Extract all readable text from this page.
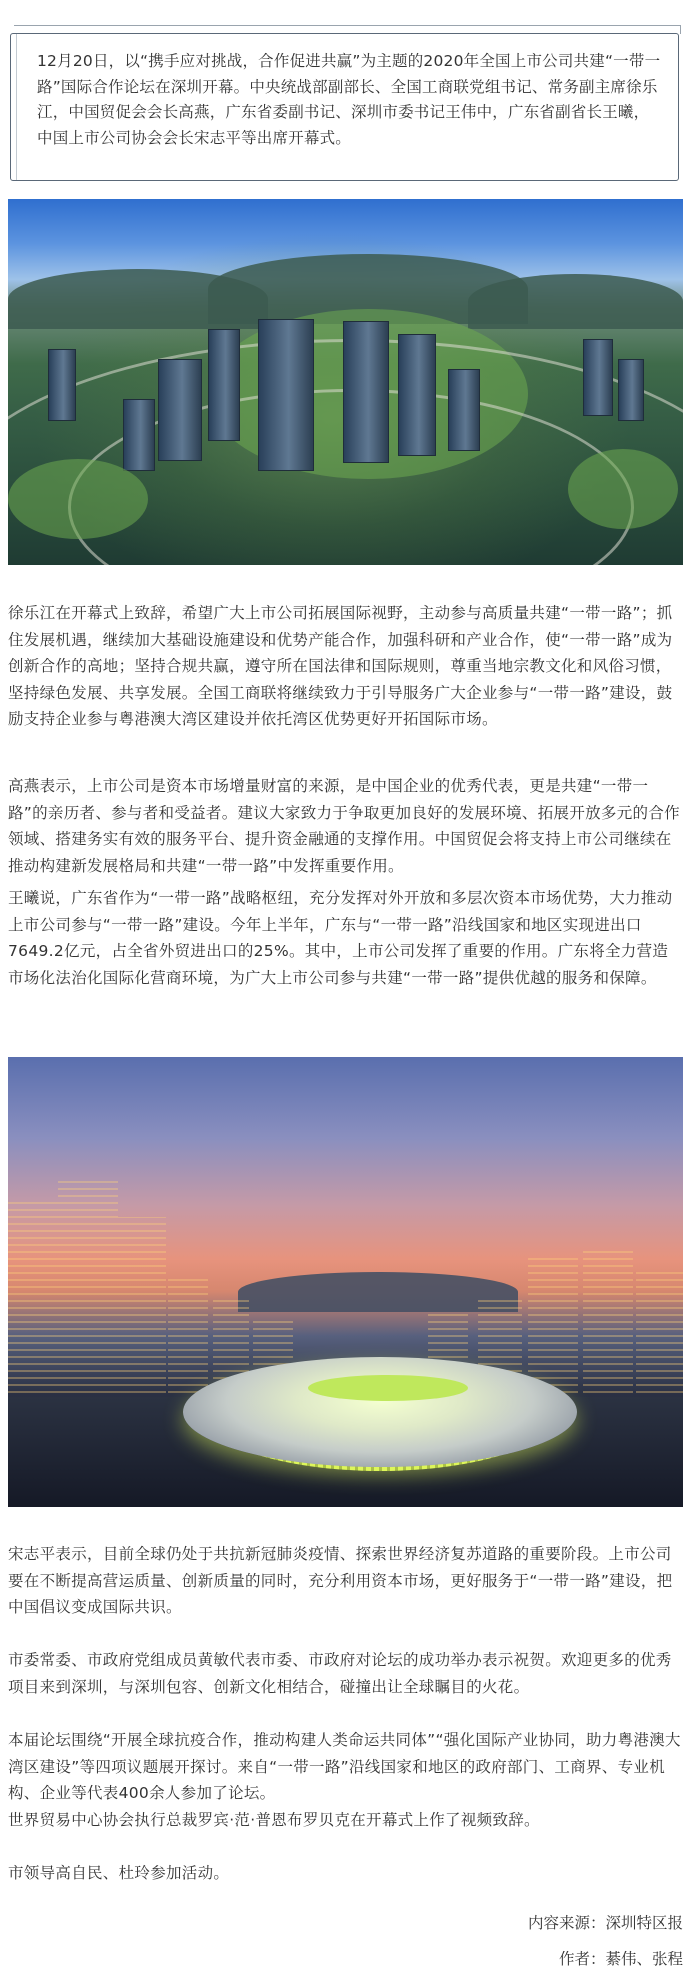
12月20日，以“携手应对挑战，合作促进共赢”为主题的2020年全国上市公司共建“一带一路”国际合作论坛在深圳开幕。中央统战部副部长、全国工商联党组书记、常务副主席徐乐江，中国贸促会会长高燕，广东省委副书记、深圳市委书记王伟中，广东省副省长王曦，中国上市公司协会会长宋志平等出席开幕式。

徐乐江在开幕式上致辞，希望广大上市公司拓展国际视野，主动参与高质量共建“一带一路”；抓住发展机遇，继续加大基础设施建设和优势产能合作，加强科研和产业合作，使“一带一路”成为创新合作的高地；坚持合规共赢，遵守所在国法律和国际规则，尊重当地宗教文化和风俗习惯，坚持绿色发展、共享发展。全国工商联将继续致力于引导服务广大企业参与“一带一路”建设，鼓励支持企业参与粤港澳大湾区建设并依托湾区优势更好开拓国际市场。

高燕表示，上市公司是资本市场增量财富的来源，是中国企业的优秀代表，更是共建“一带一路”的亲历者、参与者和受益者。建议大家致力于争取更加良好的发展环境、拓展开放多元的合作领域、搭建务实有效的服务平台、提升资金融通的支撑作用。中国贸促会将支持上市公司继续在推动构建新发展格局和共建“一带一路”中发挥重要作用。

王曦说，广东省作为“一带一路”战略枢纽，充分发挥对外开放和多层次资本市场优势，大力推动上市公司参与“一带一路”建设。今年上半年，广东与“一带一路”沿线国家和地区实现进出口7649.2亿元，占全省外贸进出口的25%。其中，上市公司发挥了重要的作用。广东将全力营造市场化法治化国际化营商环境，为广大上市公司参与共建“一带一路”提供优越的服务和保障。

宋志平表示，目前全球仍处于共抗新冠肺炎疫情、探索世界经济复苏道路的重要阶段。上市公司要在不断提高营运质量、创新质量的同时，充分利用资本市场，更好服务于“一带一路”建设，把中国倡议变成国际共识。

市委常委、市政府党组成员黄敏代表市委、市政府对论坛的成功举办表示祝贺。欢迎更多的优秀项目来到深圳，与深圳包容、创新文化相结合，碰撞出让全球瞩目的火花。

本届论坛围绕“开展全球抗疫合作，推动构建人类命运共同体”“强化国际产业协同，助力粤港澳大湾区建设”等四项议题展开探讨。来自“一带一路”沿线国家和地区的政府部门、工商界、专业机构、企业等代表400余人参加了论坛。

世界贸易中心协会执行总裁罗宾·范·普恩布罗贝克在开幕式上作了视频致辞。

市领导高自民、杜玲参加活动。

内容来源：深圳特区报

作者：綦伟、张程
